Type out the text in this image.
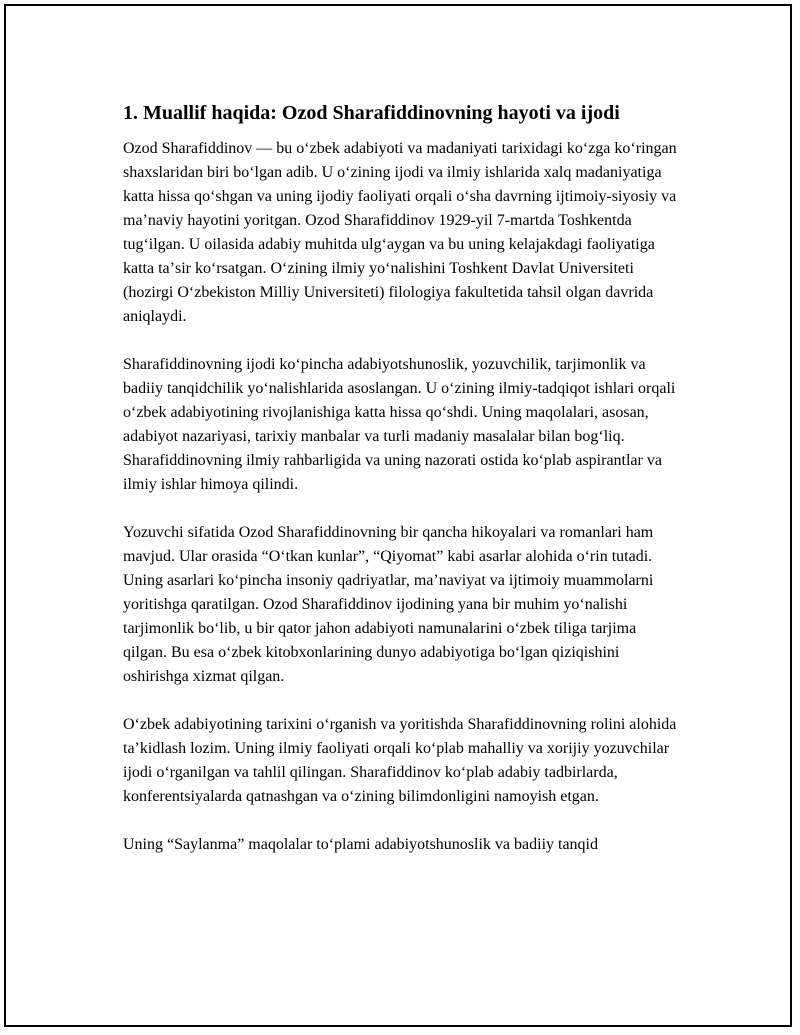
1. Muallif haqida: Ozod Sharafiddinovning hayoti va ijodi

Ozod Sharafiddinov — bu oʻzbek adabiyoti va madaniyati tarixidagi koʻzga koʻringan shaxslaridan biri boʻlgan adib. U oʻzining ijodi va ilmiy ishlarida xalq madaniyatiga katta hissa qoʻshgan va uning ijodiy faoliyati orqali oʻsha davrning ijtimoiy-siyosiy va maʼnaviy hayotini yoritgan. Ozod Sharafiddinov 1929-yil 7-martda Toshkentda tugʻilgan. U oilasida adabiy muhitda ulgʻaygan va bu uning kelajakdagi faoliyatiga katta taʼsir koʻrsatgan. Oʻzining ilmiy yoʻnalishini Toshkent Davlat Universiteti (hozirgi Oʻzbekiston Milliy Universiteti) filologiya fakultetida tahsil olgan davrida aniqlaydi.

Sharafiddinovning ijodi koʻpincha adabiyotshunoslik, yozuvchilik, tarjimonlik va badiiy tanqidchilik yoʻnalishlarida asoslangan. U oʻzining ilmiy-tadqiqot ishlari orqali oʻzbek adabiyotining rivojlanishiga katta hissa qoʻshdi. Uning maqolalari, asosan, adabiyot nazariyasi, tarixiy manbalar va turli madaniy masalalar bilan bogʻliq. Sharafiddinovning ilmiy rahbarligida va uning nazorati ostida koʻplab aspirantlar va ilmiy ishlar himoya qilindi.

Yozuvchi sifatida Ozod Sharafiddinovning bir qancha hikoyalari va romanlari ham mavjud. Ular orasida “Oʻtkan kunlar”, “Qiyomat” kabi asarlar alohida oʻrin tutadi. Uning asarlari koʻpincha insoniy qadriyatlar, maʼnaviyat va ijtimoiy muammolarni yoritishga qaratilgan. Ozod Sharafiddinov ijodining yana bir muhim yoʻnalishi tarjimonlik boʻlib, u bir qator jahon adabiyoti namunalarini oʻzbek tiliga tarjima qilgan. Bu esa oʻzbek kitobxonlarining dunyo adabiyotiga boʻlgan qiziqishini oshirishga xizmat qilgan.

Oʻzbek adabiyotining tarixini oʻrganish va yoritishda Sharafiddinovning rolini alohida taʼkidlash lozim. Uning ilmiy faoliyati orqali koʻplab mahalliy va xorijiy yozuvchilar ijodi oʻrganilgan va tahlil qilingan. Sharafiddinov koʻplab adabiy tadbirlarda, konferentsiyalarda qatnashgan va oʻzining bilimdonligini namoyish etgan.

Uning “Saylanma” maqolalar toʻplami adabiyotshunoslik va badiiy tanqid
